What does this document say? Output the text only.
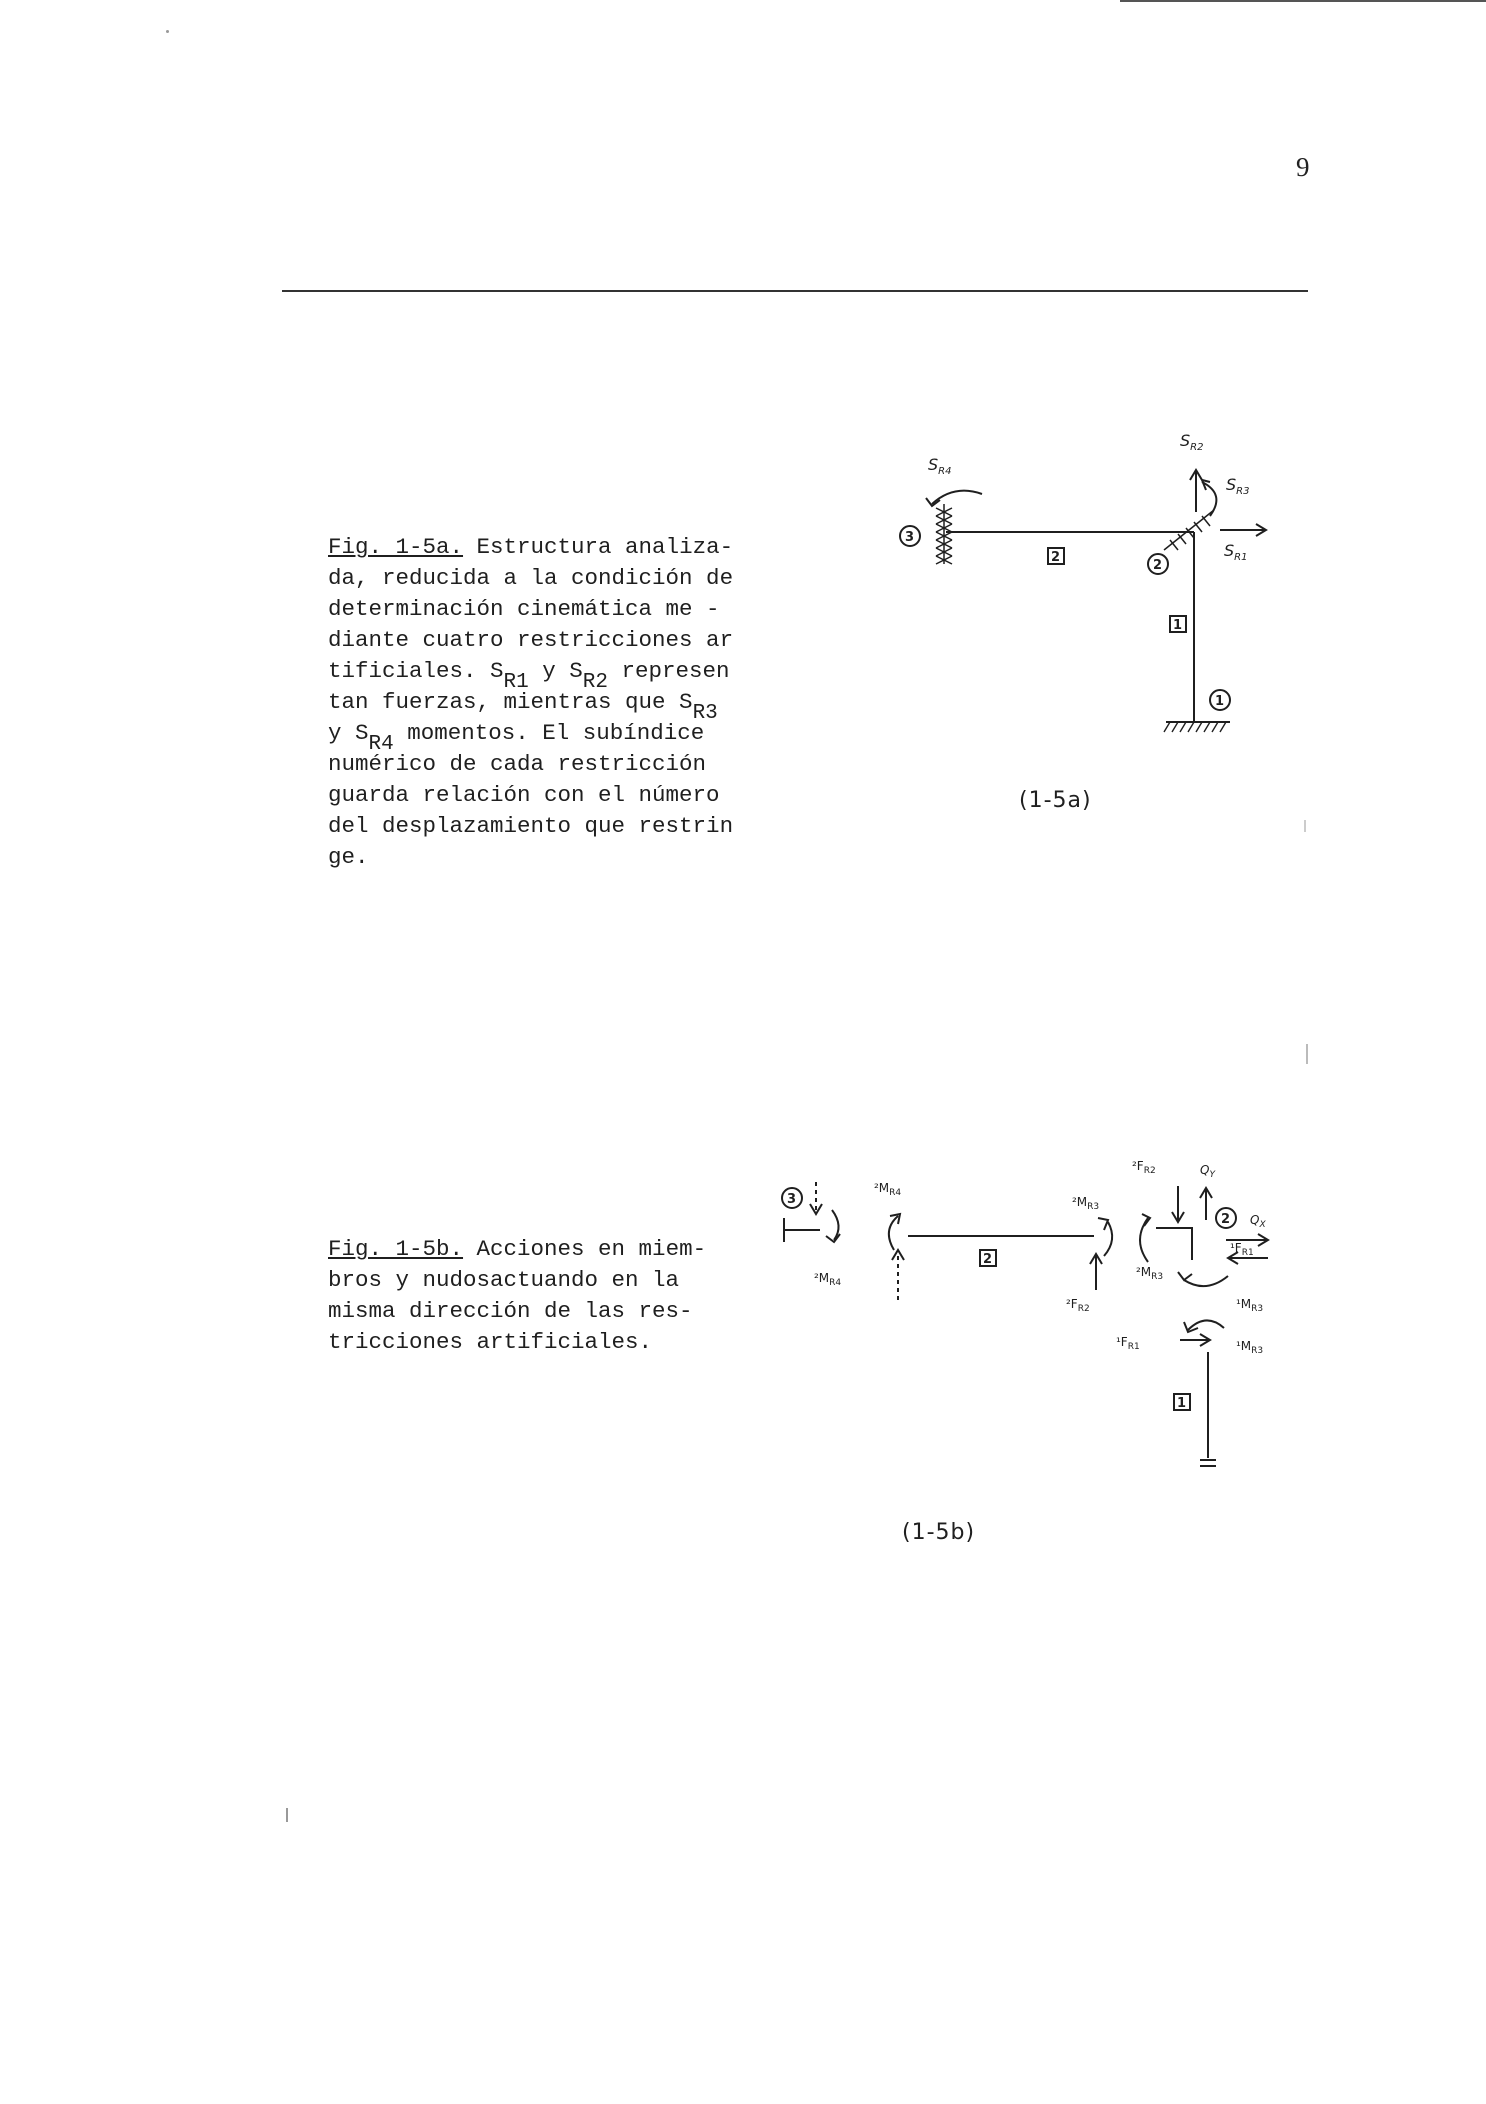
9

Fig. 1-5a. Estructura analiza-
da, reducida a la condición de
determinación cinemática me -
diante cuatro restricciones ar
tificiales. $S_{R1}$ y $S_{R2}$ represen
tan fuerzas, mientras que $S_{R3}$
y $S_{R4}$ momentos. El subíndice
numérico de cada restricción
guarda relación con el número
del desplazamiento que restrin
ge.

3
2
1
2
1
$S_{R4}$
$S_{R2}$
$S_{R3}$
$S_{R1}$
(1-5a)

Fig. 1-5b. Acciones en miem-
bros y nudosactuando en la
misma dirección de las res-
tricciones artificiales.

3
2
2
1
$^2M_{R4}$
$^2M_{R4}$
$^2M_{R3}$
$^2F_{R2}$
$^2F_{R2}$	$Q_Y$
$Q_X$
$^1F_{R1}$
$^2M_{R3}$
$^1M_{R3}$
$^1F_{R1}$	$^1M_{R3}$
(1-5b)
